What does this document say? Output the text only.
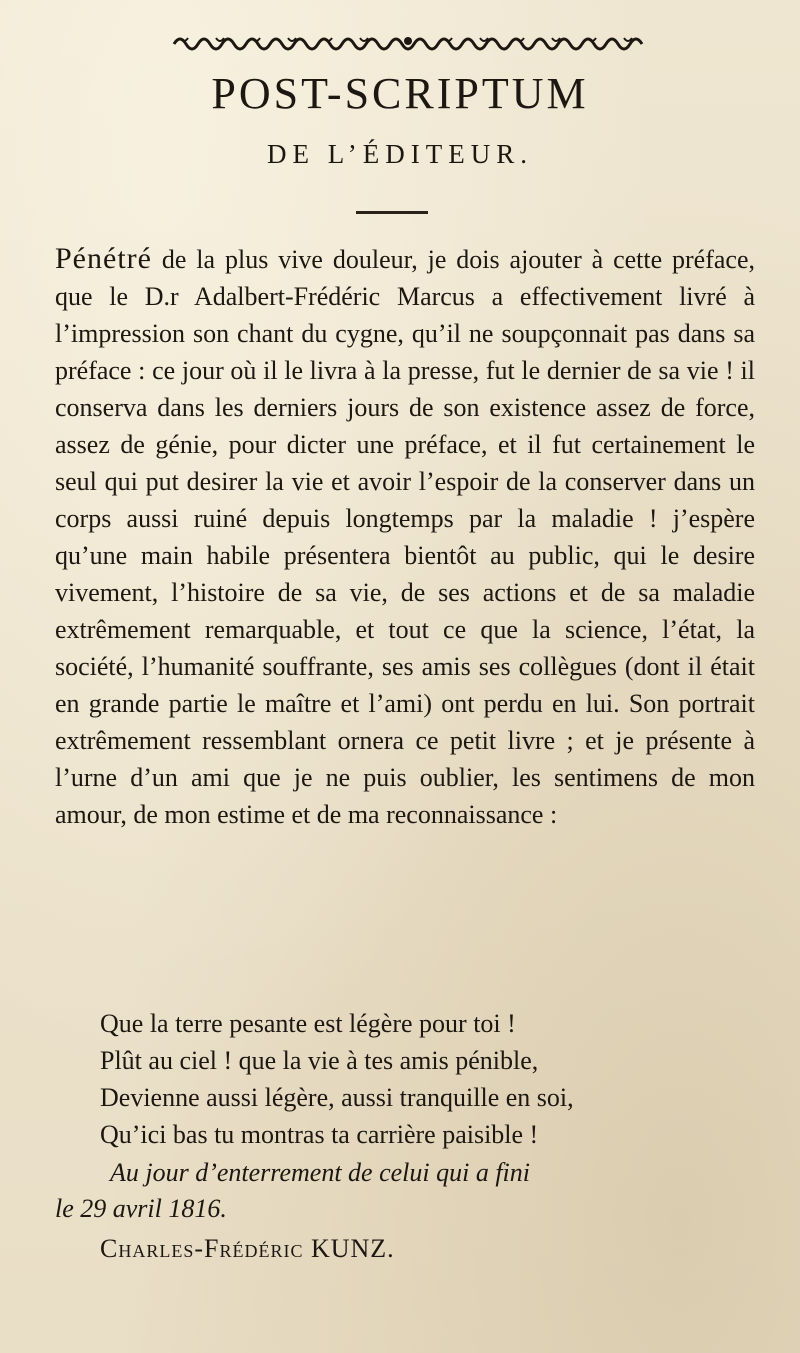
POST-SCRIPTUM
DE L’ÉDITEUR.

Pénétré de la plus vive douleur, je dois ajouter à cette préface, que le D.r Adalbert-Frédéric Marcus a effectivement livré à l’impression son chant du cygne, qu’il ne soupçonnait pas dans sa préface : ce jour où il le livra à la presse, fut le dernier de sa vie ! il conserva dans les derniers jours de son existence assez de force, assez de génie, pour dicter une préface, et il fut certainement le seul qui put desirer la vie et avoir l’espoir de la conserver dans un corps aussi ruiné depuis longtemps par la maladie ! j’espère qu’une main habile présentera bientôt au public, qui le desire vivement, l’histoire de sa vie, de ses actions et de sa maladie extrêmement remarquable, et tout ce que la science, l’état, la société, l’humanité souffrante, ses amis ses collègues (dont il était en grande partie le maître et l’ami) ont perdu en lui. Son portrait extrêmement ressemblant ornera ce petit livre ; et je présente à l’urne d’un ami que je ne puis oublier, les sentimens de mon amour, de mon estime et de ma reconnaissance :

Que la terre pesante est légère pour toi !
Plût au ciel ! que la vie à tes amis pénible,
Devienne aussi légère, aussi tranquille en soi,
Qu’ici bas tu montras ta carrière paisible !
Au jour d’enterrement de celui qui a fini
le 29 avril 1816.
Charles-Frédéric KUNZ.
